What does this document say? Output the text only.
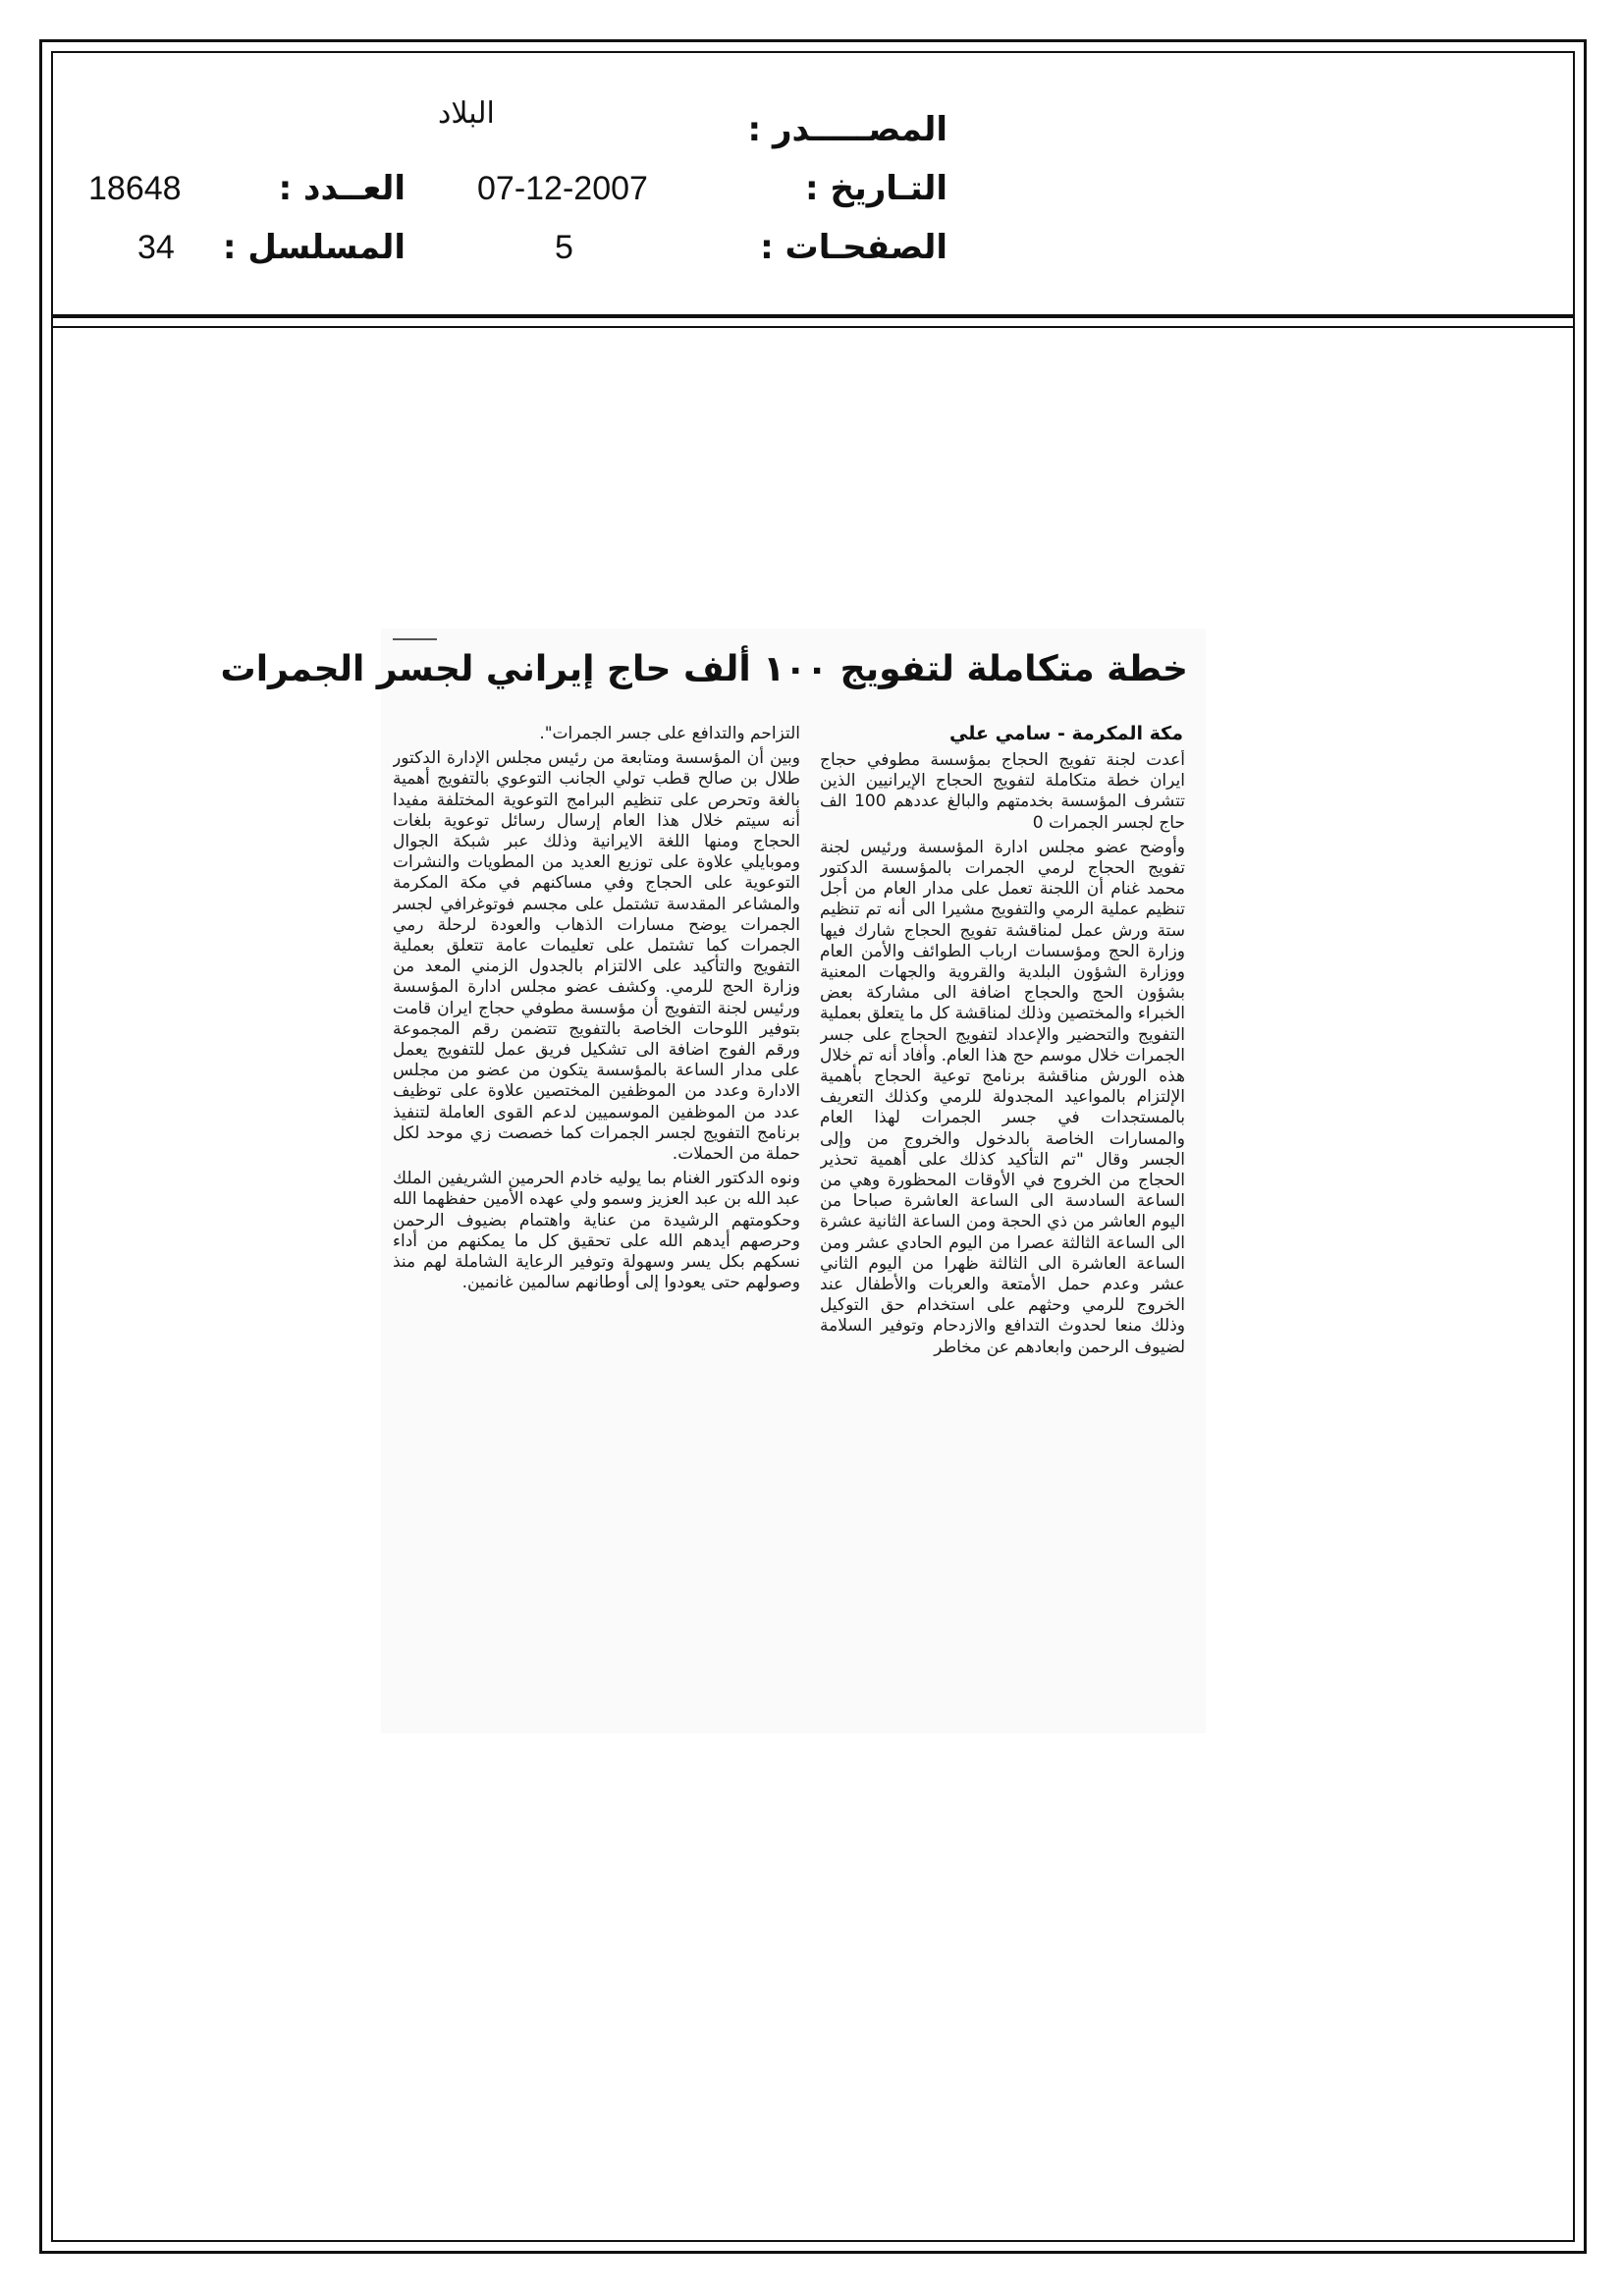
البلاد	المصـــــدر :
07-12-2007	التـاريخ :
18648	العــدد :
5	الصفحـات :
34 المسلسل :
خطة متكاملة لتفويج ١٠٠ ألف حاج إيراني لجسر الجمرات
مكة المكرمة - سامي علي

أعدت لجنة تفويج الحجاج بمؤسسة مطوفي حجاج ايران خطة متكاملة لتفويج الحجاج الإيرانيين الذين تتشرف المؤسسة بخدمتهم والبالغ عددهم 100 الف حاج لجسر الجمرات 0

وأوضح عضو مجلس ادارة المؤسسة ورئيس لجنة تفويج الحجاج لرمي الجمرات بالمؤسسة الدكتور محمد غنام أن اللجنة تعمل على مدار العام من أجل تنظيم عملية الرمي والتفويج مشيرا الى أنه تم تنظيم ستة ورش عمل لمناقشة تفويج الحجاج شارك فيها وزارة الحج ومؤسسات ارباب الطوائف والأمن العام ووزارة الشؤون البلدية والقروية والجهات المعنية بشؤون الحج والحجاج اضافة الى مشاركة بعض الخبراء والمختصين وذلك لمناقشة كل ما يتعلق بعملية التفويج والتحضير والإعداد لتفويج الحجاج على جسر الجمرات خلال موسم حج هذا العام. وأفاد أنه تم خلال هذه الورش مناقشة برنامج توعية الحجاج بأهمية الإلتزام بالمواعيد المجدولة للرمي وكذلك التعريف بالمستجدات في جسر الجمرات لهذا العام والمسارات الخاصة بالدخول والخروج من وإلى الجسر وقال "تم التأكيد كذلك على أهمية تحذير الحجاج من الخروج في الأوقات المحظورة وهي من الساعة السادسة الى الساعة العاشرة صباحا من اليوم العاشر من ذي الحجة ومن الساعة الثانية عشرة الى الساعة الثالثة عصرا من اليوم الحادي عشر ومن الساعة العاشرة الى الثالثة ظهرا من اليوم الثاني عشر وعدم حمل الأمتعة والعربات والأطفال عند الخروج للرمي وحثهم على استخدام حق التوكيل وذلك منعا لحدوث التدافع والازدحام وتوفير السلامة لضيوف الرحمن وابعادهم عن مخاطر

التزاحم والتدافع على جسر الجمرات".

وبين أن المؤسسة ومتابعة من رئيس مجلس الإدارة الدكتور طلال بن صالح قطب تولي الجانب التوعوي بالتفويج أهمية بالغة وتحرص على تنظيم البرامج التوعوية المختلفة مفيدا أنه سيتم خلال هذا العام إرسال رسائل توعوية بلغات الحجاج ومنها اللغة الايرانية وذلك عبر شبكة الجوال وموبايلي علاوة على توزيع العديد من المطويات والنشرات التوعوية على الحجاج وفي مساكنهم في مكة المكرمة والمشاعر المقدسة تشتمل على مجسم فوتوغرافي لجسر الجمرات يوضح مسارات الذهاب والعودة لرحلة رمي الجمرات كما تشتمل على تعليمات عامة تتعلق بعملية التفويج والتأكيد على الالتزام بالجدول الزمني المعد من وزارة الحج للرمي. وكشف عضو مجلس ادارة المؤسسة ورئيس لجنة التفويج أن مؤسسة مطوفي حجاج ايران قامت بتوفير اللوحات الخاصة بالتفويج تتضمن رقم المجموعة ورقم الفوج اضافة الى تشكيل فريق عمل للتفويج يعمل على مدار الساعة بالمؤسسة يتكون من عضو من مجلس الادارة وعدد من الموظفين المختصين علاوة على توظيف عدد من الموظفين الموسميين لدعم القوى العاملة لتنفيذ برنامج التفويج لجسر الجمرات كما خصصت زي موحد لكل حملة من الحملات.

ونوه الدكتور الغنام بما يوليه خادم الحرمين الشريفين الملك عبد الله بن عبد العزيز وسمو ولي عهده الأمين حفظهما الله وحكومتهم الرشيدة من عناية واهتمام بضيوف الرحمن وحرصهم أيدهم الله على تحقيق كل ما يمكنهم من أداء نسكهم بكل يسر وسهولة وتوفير الرعاية الشاملة لهم منذ وصولهم حتى يعودوا إلى أوطانهم سالمين غانمين.
